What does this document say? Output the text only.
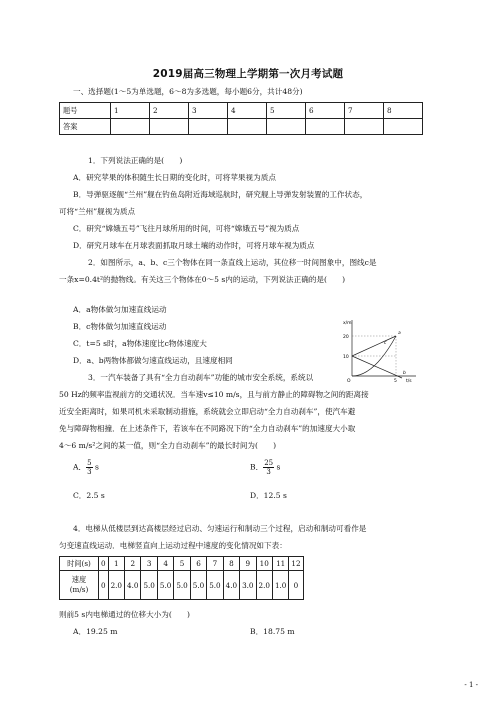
2019届高三物理上学期第一次月考试题
一、选择题(1～5为单选题，6～8为多选题，每小题6分，共计48分)
题号	1	2	3	4	5	6	7	8
答案								
1．下列说法正确的是(　　)
A．研究苹果的体积随生长日期的变化时，可将苹果视为质点
B．导弹驱逐舰“兰州”舰在钓鱼岛附近海域巡航时，研究舰上导弹发射装置的工作状态，
可将“兰州”舰视为质点
C．研究“嫦娥五号”飞往月球所用的时间，可将“嫦娥五号”视为质点
D．研究月球车在月球表面抓取月球土壤的动作时，可将月球车视为质点
2．如图所示，a、b、c三个物体在同一条直线上运动，其位移一时间图象中，图线c是
一条x=0.4t²的抛物线。有关这三个物体在0～5 s内的运动，下列说法正确的是(　　)
A．a物体做匀加速直线运动
B．c物体做匀加速直线运动
C．t=5 s时，a物体速度比c物体速度大
D．a、b两物体都做匀速直线运动，且速度相同
x/m
20
10
O	5 t/s
a
b
c
3．一汽车装备了具有“全力自动刹车”功能的城市安全系统，系统以
50 Hz的频率监视前方的交通状况．当车速v≤10 m/s，且与前方静止的障碍物之间的距离接
近安全距离时，如果司机未采取制动措施，系统就会立即启动“全力自动刹车”，使汽车避
免与障碍物相撞．在上述条件下，若该车在不同路况下的“全力自动刹车”的加速度大小取
4～6 m/s²之间的某一值，则“全力自动刹车”的最长时间为(　　)
A． $\frac{5}{3}$ s	B． $\frac{25}{3}$ s
C．2.5 s	D．12.5 s
4．电梯从低楼层到达高楼层经过启动、匀速运行和制动三个过程，启动和制动可看作是
匀变速直线运动．电梯竖直向上运动过程中速度的变化情况如下表：
时间(s)	0	1	2	3	4	5	6	7	8	9	10	11	12
速度
(m/s)	0	2.0	4.0	5.0	5.0	5.0	5.0	5.0	4.0	3.0	2.0	1.0	0
则前5 s内电梯通过的位移大小为(　　)
A．19.25 m	B．18.75 m
- 1 -
